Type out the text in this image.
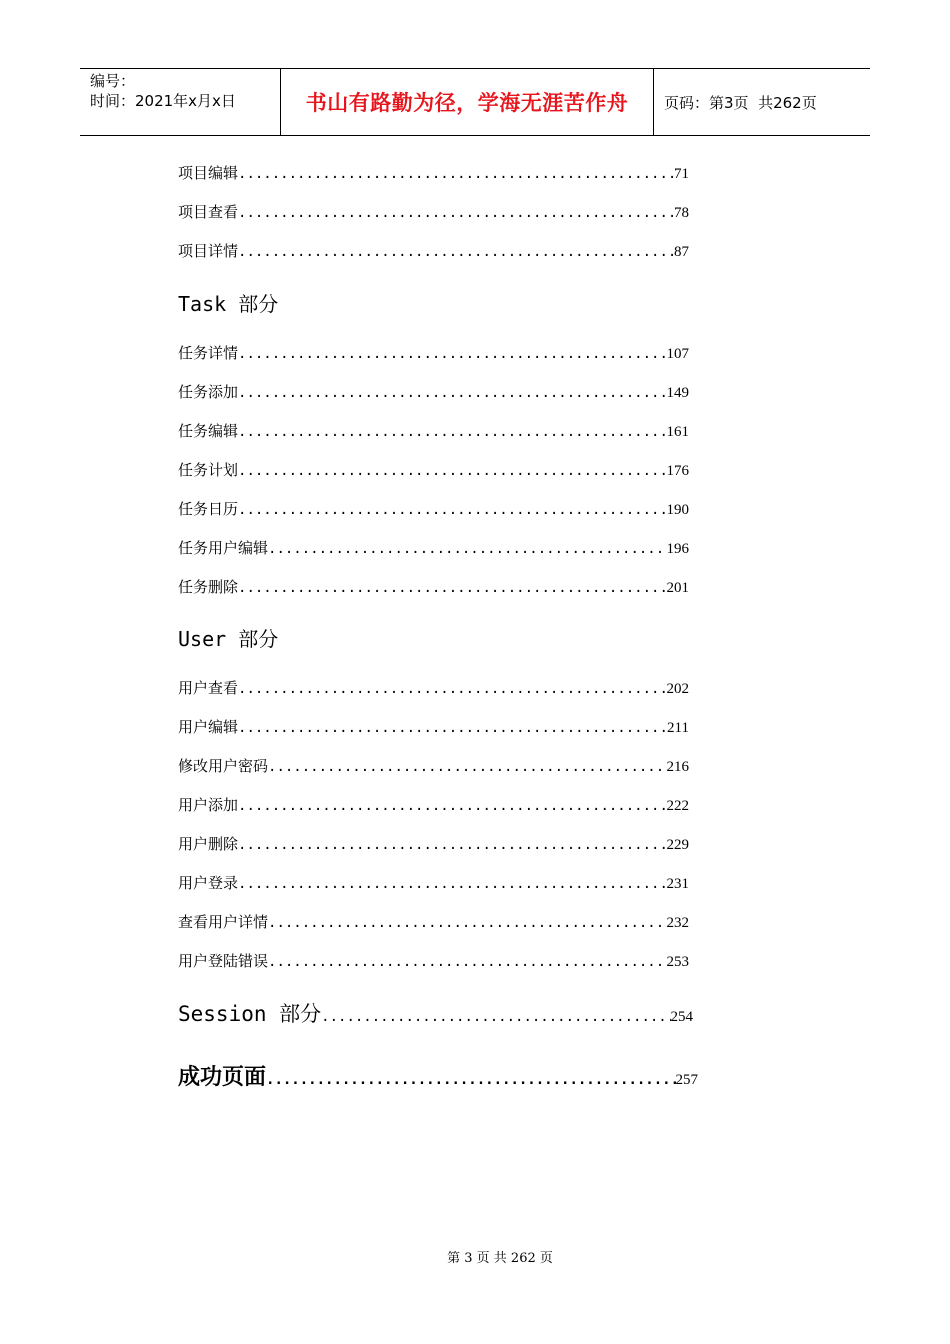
编号：
时间：2021年x月x日	书山有路勤为径，学海无涯苦作舟	页码：第3页  共262页
项目编辑 .....	71
项目查看 .....	78
项目详情 .....	87
Task 部分
任务详情 .....	107
任务添加 .....	149
任务编辑 .....	161
任务计划 .....	176
任务日历 .....	190
任务用户编辑 .....	196
任务删除 .....	201
User 部分
用户查看 .....	202
用户编辑 .....	211
修改用户密码 .....	216
用户添加 .....	222
用户删除 .....	229
用户登录 .....	231
查看用户详情 .....	232
用户登陆错误 .....	253
Session 部分 .....	254
成功页面 .....	257
第 3 页 共 262 页
